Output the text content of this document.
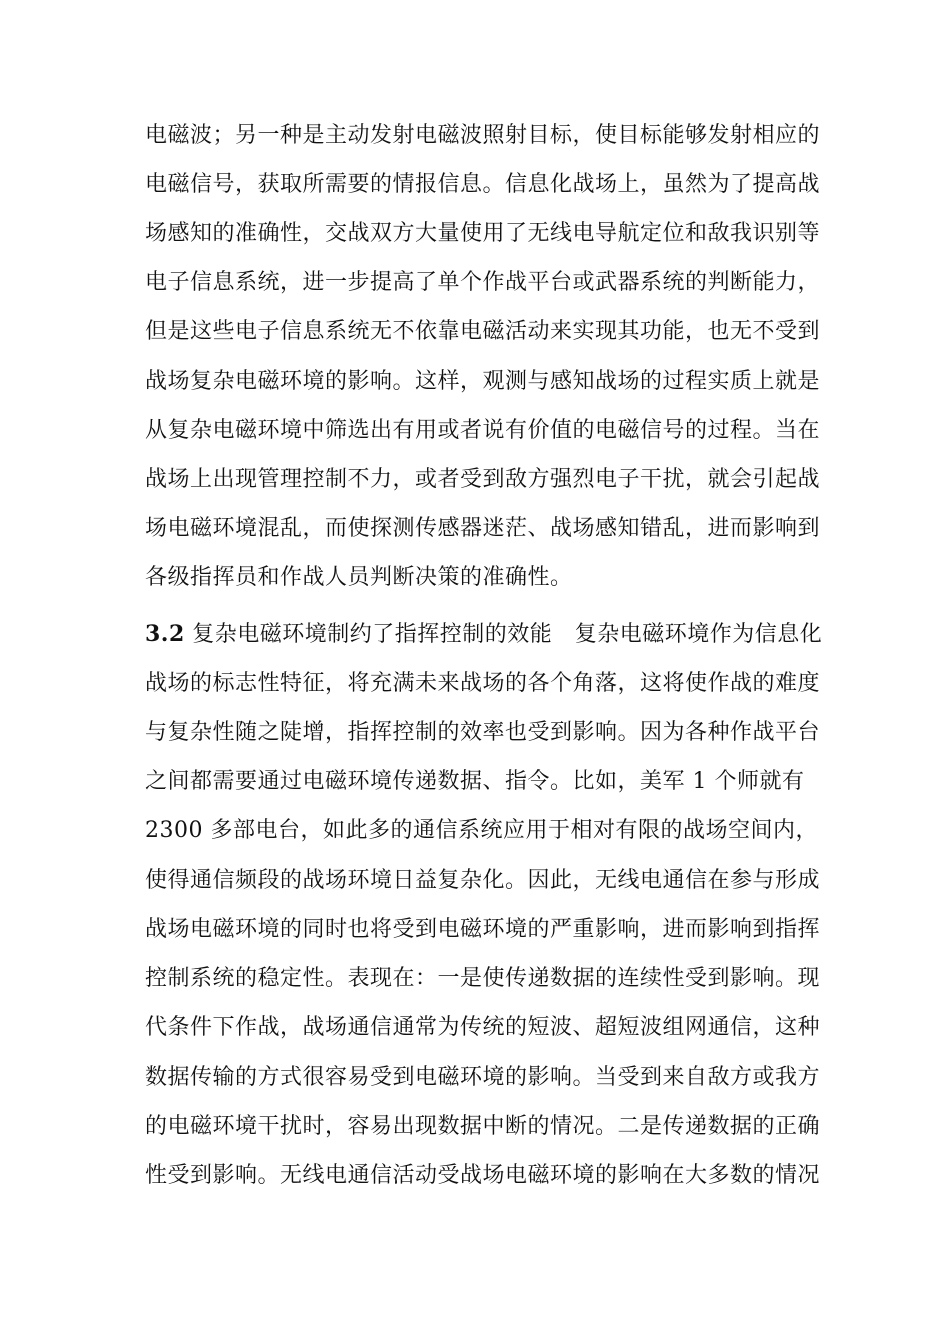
电磁波；另一种是主动发射电磁波照射目标，使目标能够发射相应的
电磁信号，获取所需要的情报信息。信息化战场上，虽然为了提高战
场感知的准确性，交战双方大量使用了无线电导航定位和敌我识别等
电子信息系统，进一步提高了单个作战平台或武器系统的判断能力，
但是这些电子信息系统无不依靠电磁活动来实现其功能，也无不受到
战场复杂电磁环境的影响。这样，观测与感知战场的过程实质上就是
从复杂电磁环境中筛选出有用或者说有价值的电磁信号的过程。当在
战场上出现管理控制不力，或者受到敌方强烈电子干扰，就会引起战
场电磁环境混乱，而使探测传感器迷茫、战场感知错乱，进而影响到
各级指挥员和作战人员判断决策的准确性。
3.2 复杂电磁环境制约了指挥控制的效能　复杂电磁环境作为信息化
战场的标志性特征，将充满未来战场的各个角落，这将使作战的难度
与复杂性随之陡增，指挥控制的效率也受到影响。因为各种作战平台
之间都需要通过电磁环境传递数据、指令。比如，美军 1 个师就有
2300 多部电台，如此多的通信系统应用于相对有限的战场空间内，
使得通信频段的战场环境日益复杂化。因此，无线电通信在参与形成
战场电磁环境的同时也将受到电磁环境的严重影响，进而影响到指挥
控制系统的稳定性。表现在：一是使传递数据的连续性受到影响。现
代条件下作战，战场通信通常为传统的短波、超短波组网通信，这种
数据传输的方式很容易受到电磁环境的影响。当受到来自敌方或我方
的电磁环境干扰时，容易出现数据中断的情况。二是传递数据的正确
性受到影响。无线电通信活动受战场电磁环境的影响在大多数的情况
